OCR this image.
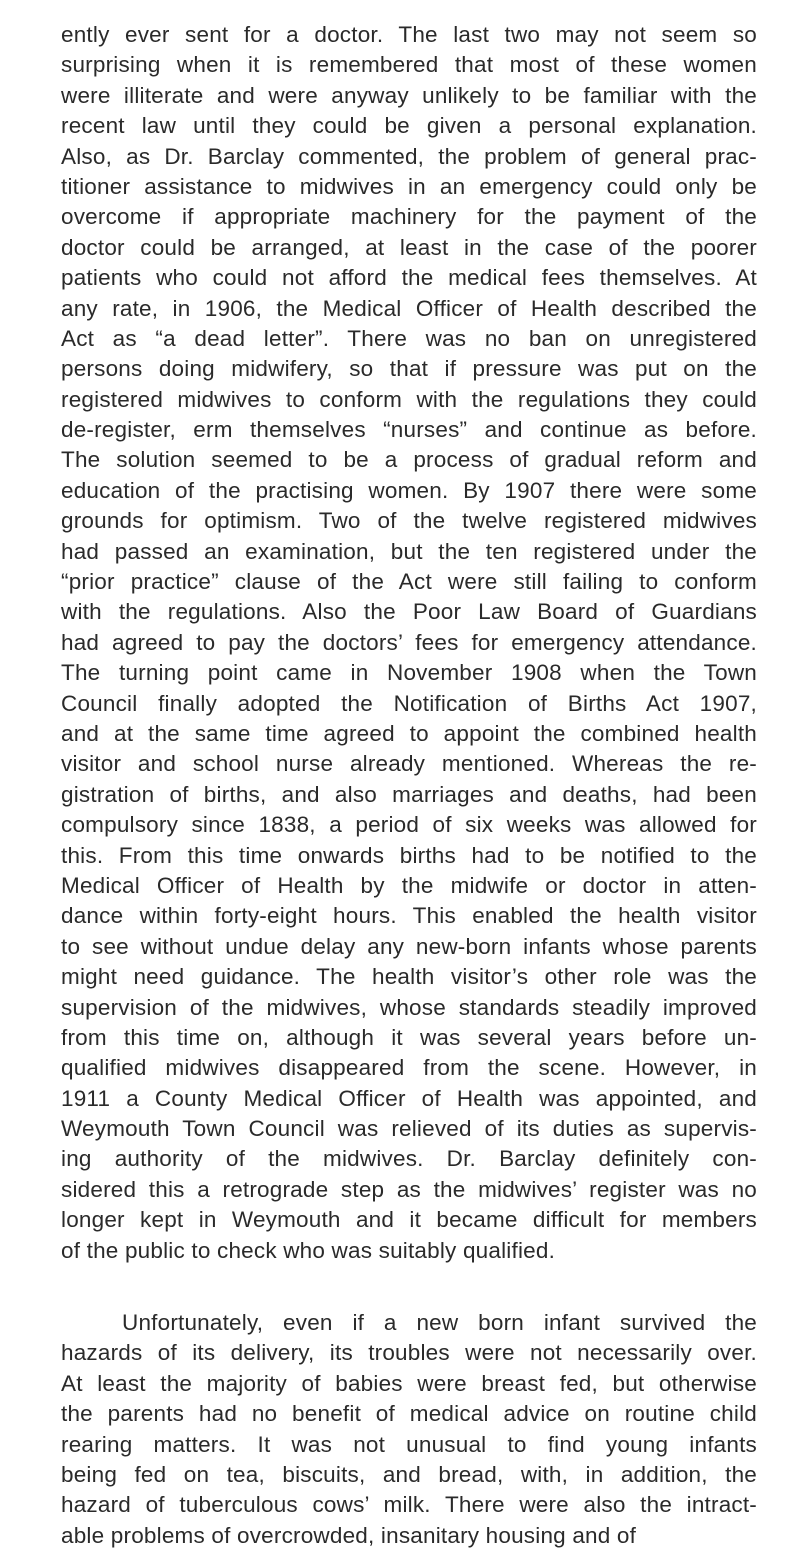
ently ever sent for a doctor. The last two may not seem so
surprising when it is remembered that most of these women
were illiterate and were anyway unlikely to be familiar with the
recent law until they could be given a personal explanation.
Also, as Dr. Barclay commented, the problem of general prac-
titioner assistance to midwives in an emergency could only be
overcome if appropriate machinery for the payment of the
doctor could be arranged, at least in the case of the poorer
patients who could not afford the medical fees themselves. At
any rate, in 1906, the Medical Officer of Health described the
Act as “a dead letter”. There was no ban on unregistered
persons doing midwifery, so that if pressure was put on the
registered midwives to conform with the regulations they could
de-register, erm themselves “nurses” and continue as before.
The solution seemed to be a process of gradual reform and
education of the practising women. By 1907 there were some
grounds for optimism. Two of the twelve registered midwives
had passed an examination, but the ten registered under the
“prior practice” clause of the Act were still failing to conform
with the regulations. Also the Poor Law Board of Guardians
had agreed to pay the doctors’ fees for emergency attendance.
The turning point came in November 1908 when the Town
Council finally adopted the Notification of Births Act 1907,
and at the same time agreed to appoint the combined health
visitor and school nurse already mentioned. Whereas the re-
gistration of births, and also marriages and deaths, had been
compulsory since 1838, a period of six weeks was allowed for
this. From this time onwards births had to be notified to the
Medical Officer of Health by the midwife or doctor in atten-
dance within forty-eight hours. This enabled the health visitor
to see without undue delay any new-born infants whose parents
might need guidance. The health visitor’s other role was the
supervision of the midwives, whose standards steadily improved
from this time on, although it was several years before un-
qualified midwives disappeared from the scene. However, in
1911 a County Medical Officer of Health was appointed, and
Weymouth Town Council was relieved of its duties as supervis-
ing authority of the midwives. Dr. Barclay definitely con-
sidered this a retrograde step as the midwives’ register was no
longer kept in Weymouth and it became difficult for members
of the public to check who was suitably qualified.
Unfortunately, even if a new born infant survived the
hazards of its delivery, its troubles were not necessarily over.
At least the majority of babies were breast fed, but otherwise
the parents had no benefit of medical advice on routine child
rearing matters. It was not unusual to find young infants
being fed on tea, biscuits, and bread, with, in addition, the
hazard of tuberculous cows’ milk. There were also the intract-
able problems of overcrowded, insanitary housing and of
